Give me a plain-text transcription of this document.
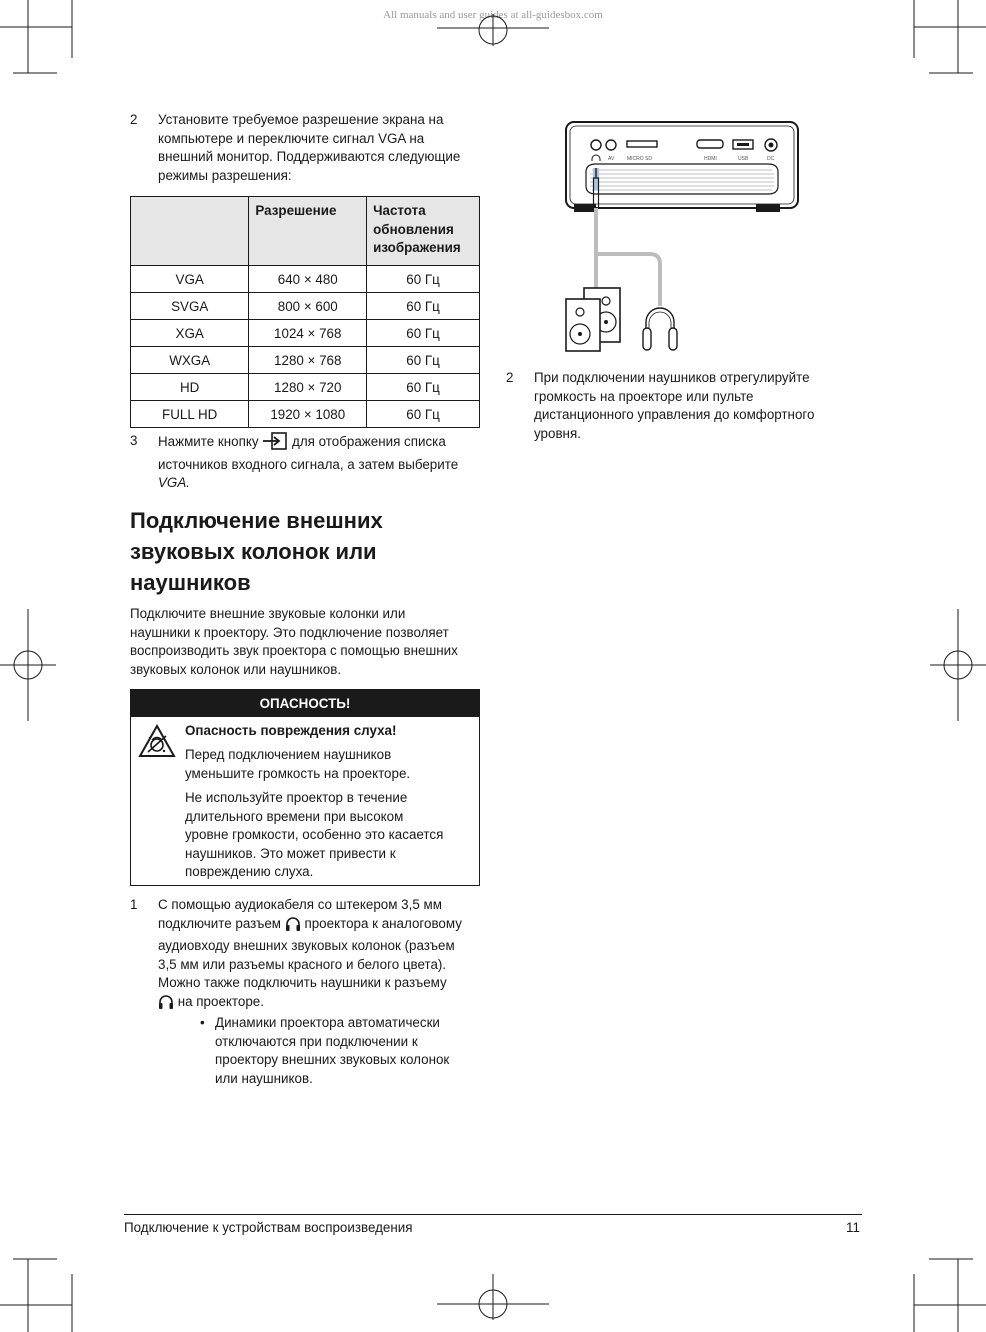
All manuals and user guides at all-guidesbox.com
2 Установите требуемое разрешение экрана на
компьютере и переключите сигнал VGA на
внешний монитор. Поддерживаются следующие
режимы разрешения:
	Разрешение	Частота
обновления
изображения

VGA	640 × 480	60 Гц
SVGA	800 × 600	60 Гц
XGA	1024 × 768	60 Гц
WXGA	1280 × 768	60 Гц
HD	1280 × 720	60 Гц
FULL HD	1920 × 1080	60 Гц
3 Нажмите кнопку для отображения списка
источников входного сигнала, а затем выберите
VGA.
Подключение внешних
звуковых колонок или
наушников
Подключите внешние звуковые колонки или
наушники к проектору. Это подключение позволяет
воспроизводить звук проектора с помощью внешних
звуковых колонок или наушников.
ОПАСНОСТЬ!
Опасность повреждения слуха!
Перед подключением наушников
уменьшите громкость на проекторе.
Не используйте проектор в течение
длительного времени при высоком
уровне громкости, особенно это касается
наушников. Это может привести к
повреждению слуха.
1 С помощью аудиокабеля со штекером 3,5 мм
подключите разъем проектора к аналоговому
аудиовходу внешних звуковых колонок (разъем
3,5 мм или разъемы красного и белого цвета).
Можно также подключить наушники к разъему
на проекторе.
• Динамики проектора автоматически
отключаются при подключении к
проектору внешних звуковых колонок
или наушников.
AV	MICRO SD	HDMI	USB	DC
2 При подключении наушников отрегулируйте
громкость на проекторе или пульте
дистанционного управления до комфортного
уровня.
Подключение к устройствам воспроизведения	11
